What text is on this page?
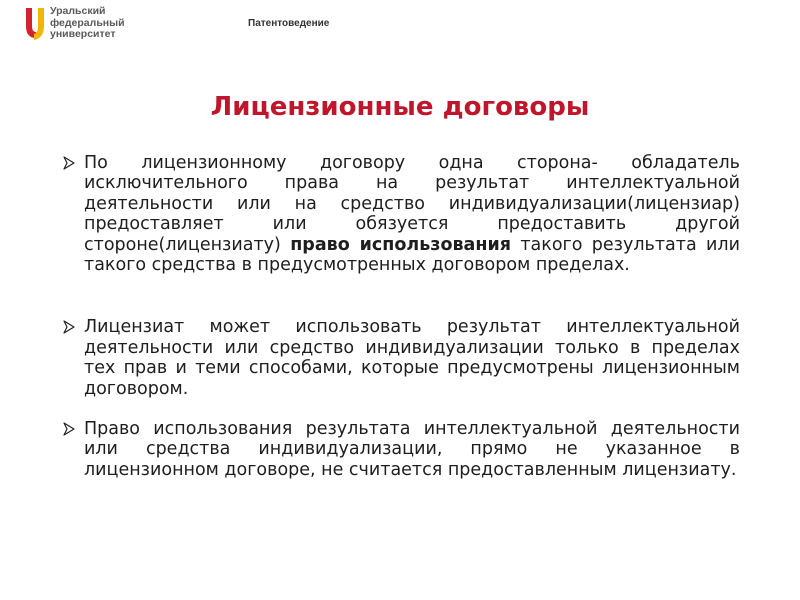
Уральский
федеральный
университет
Патентоведение
Лицензионные договоры
По лицензионному договору одна сторона- обладатель исключительного права на результат интеллектуальной деятельности или на средство индивидуализации(лицензиар) предоставляет или обязуется предоставить другой стороне(лицензиату) право использования такого результата или такого средства в предусмотренных договором пределах.
Лицензиат может использовать результат интеллектуальной деятельности или средство индивидуализации только в пределах тех прав и теми способами, которые предусмотрены лицензионным договором.
Право использования результата интеллектуальной деятельности или средства индивидуализации, прямо не указанное в лицензионном договоре, не считается предоставленным лицензиату.
